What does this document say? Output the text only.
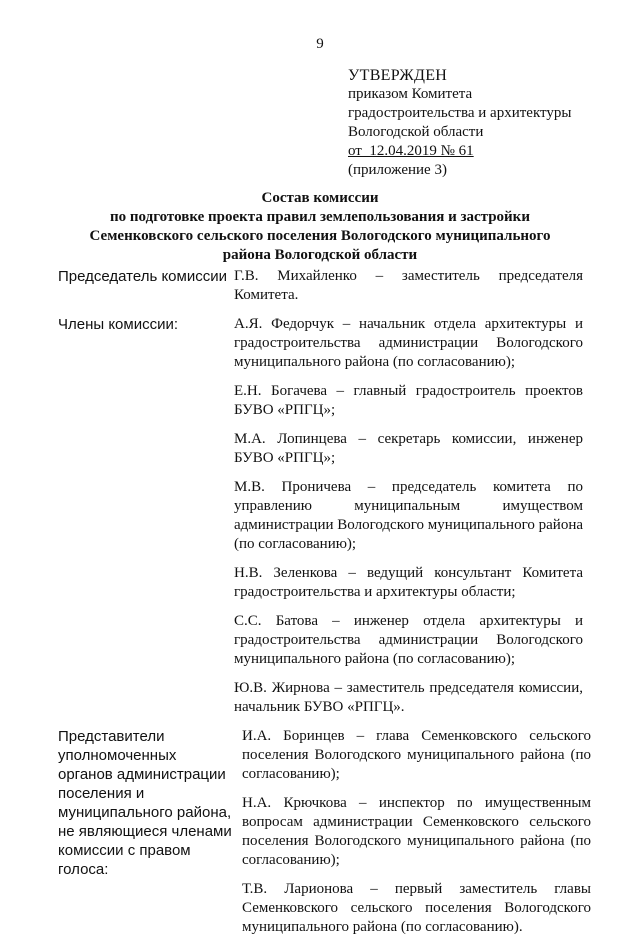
9
УТВЕРЖДЕН
приказом Комитета
градостроительства и архитектуры
Вологодской области
от  12.04.2019 № 61
(приложение 3)
Состав комиссии
по подготовке проекта правил землепользования и застройки
Семенковского сельского поселения Вологодского муниципального
района Вологодской области
Председатель комиссии Г.В. Михайленко – заместитель председателя Комитета.
Члены комиссии:	А.Я. Федорчук – начальник отдела архитектуры и градостроительства администрации Вологодского муниципального района (по согласованию);
Е.Н. Богачева – главный градостроитель проектов БУВО «РПГЦ»;
М.А. Лопинцева – секретарь комиссии, инженер БУВО «РПГЦ»;
М.В. Проничева – председатель комитета по управлению муниципальным имуществом администрации Вологодского муниципального района (по согласованию);
Н.В. Зеленкова – ведущий консультант Комитета градостроительства и архитектуры области;
С.С. Батова – инженер отдела архитектуры и градостроительства администрации Вологодского муниципального района (по согласованию);
Ю.В. Жирнова – заместитель председателя комиссии, начальник БУВО «РПГЦ».
Представители уполномоченных органов администрации поселения и муниципального района, не являющиеся членами комиссии с правом голоса:
И.А. Боринцев – глава Семенковского сельского поселения Вологодского муниципального района (по согласованию);
Н.А. Крючкова – инспектор по имущественным вопросам администрации Семенковского сельского поселения Вологодского муниципального района (по согласованию);
Т.В. Ларионова – первый заместитель главы Семенковского сельского поселения Вологодского муниципального района (по согласованию).
